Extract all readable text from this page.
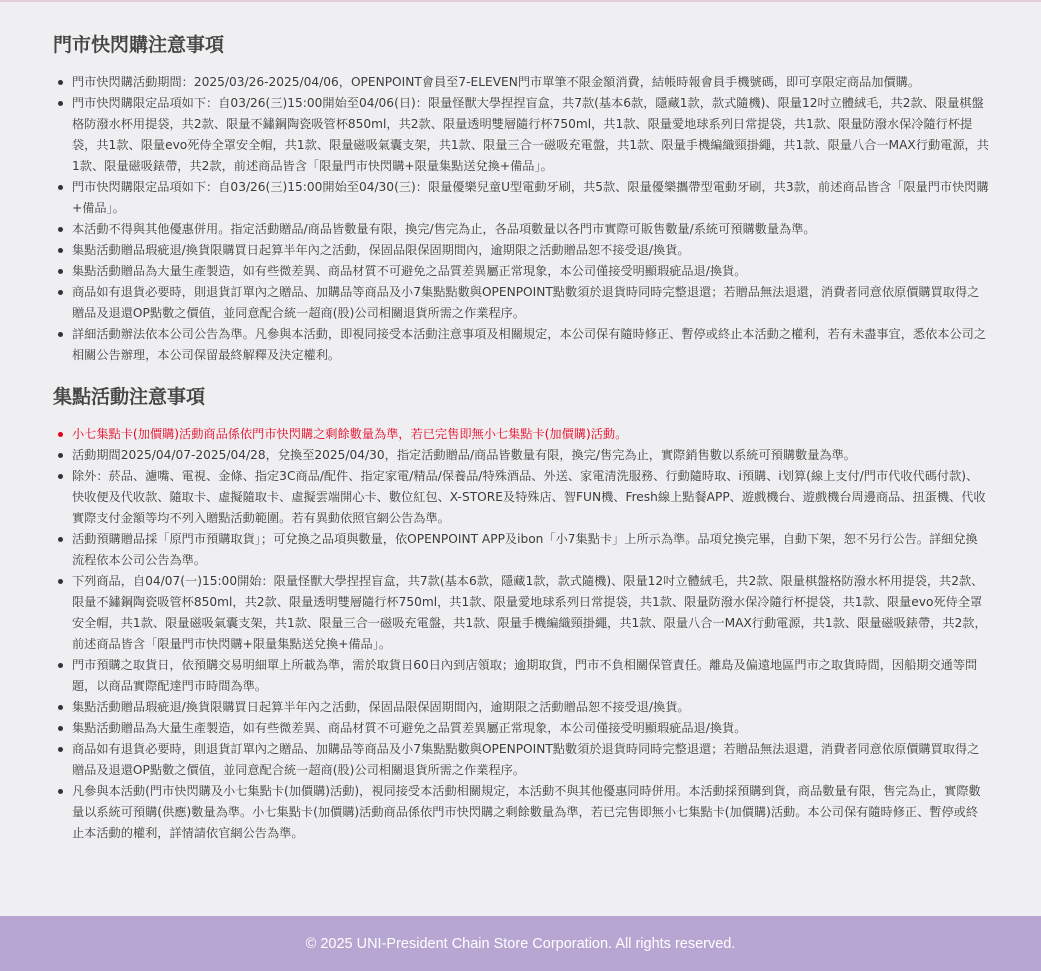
門市快閃購注意事項
門市快閃購活動期間：2025/03/26-2025/04/06，OPENPOINT會員至7-ELEVEN門市單筆不限金額消費，結帳時報會員手機號碼，即可享限定商品加價購。
門市快閃購限定品項如下：自03/26(三)15:00開始至04/06(日)：限量怪獸大學捏捏盲盒，共7款(基本6款，隱藏1款，款式隨機)、限量12吋立體絨毛，共2款、限量棋盤格防潑水杯用提袋，共2款、限量不鏽鋼陶瓷吸管杯850ml，共2款、限量透明雙層隨行杯750ml，共1款、限量愛地球系列日常提袋，共1款、限量防潑水保冷隨行杯提袋，共1款、限量evo死侍全罩安全帽，共1款、限量磁吸氣囊支架，共1款、限量三合一磁吸充電盤，共1款、限量手機編織頸掛繩，共1款、限量八合一MAX行動電源，共1款、限量磁吸錶帶，共2款，前述商品皆含「限量門市快閃購+限量集點送兌換+備品」。
門市快閃購限定品項如下：自03/26(三)15:00開始至04/30(三)：限量優樂兒童U型電動牙刷，共5款、限量優樂攜帶型電動牙刷，共3款，前述商品皆含「限量門市快閃購+備品」。
本活動不得與其他優惠併用。指定活動贈品/商品皆數量有限，換完/售完為止，各品項數量以各門市實際可販售數量/系統可預購數量為準。
集點活動贈品瑕疵退/換貨限購買日起算半年內之活動，保固品限保固期間內，逾期限之活動贈品恕不接受退/換貨。
集點活動贈品為大量生產製造，如有些微差異、商品材質不可避免之品質差異屬正常現象，本公司僅接受明顯瑕疵品退/換貨。
商品如有退貨必要時，則退貨訂單內之贈品、加購品等商品及小7集點點數與OPENPOINT點數須於退貨時同時完整退還；若贈品無法退還，消費者同意依原價購買取得之贈品及退還OP點數之價值，並同意配合統一超商(股)公司相關退貨所需之作業程序。
詳細活動辦法依本公司公告為準。凡參與本活動，即視同接受本活動注意事項及相關規定，本公司保有隨時修正、暫停或終止本活動之權利，若有未盡事宜，悉依本公司之相關公告辦理，本公司保留最終解釋及決定權利。
集點活動注意事項
小七集點卡(加價購)活動商品係依門市快閃購之剩餘數量為準，若已完售即無小七集點卡(加價購)活動。
活動期間2025/04/07-2025/04/28，兌換至2025/04/30，指定活動贈品/商品皆數量有限，換完/售完為止，實際銷售數以系統可預購數量為準。
除外：菸品、濾嘴、電視、金條、指定3C商品/配件、指定家電/精品/保養品/特殊酒品、外送、家電清洗服務、行動隨時取、i預購、i划算(線上支付/門市代收代碼付款)、快收便及代收款、隨取卡、虛擬隨取卡、虛擬雲端開心卡、數位紅包、X-STORE及特殊店、智FUN機、Fresh線上點餐APP、遊戲機台、遊戲機台周邊商品、扭蛋機、代收實際支付金額等均不列入贈點活動範圍。若有異動依照官網公告為準。
活動預購贈品採「原門市預購取貨」；可兌換之品項與數量，依OPENPOINT APP及ibon「小7集點卡」上所示為準。品項兌換完畢，自動下架，恕不另行公告。詳細兌換流程依本公司公告為準。
下列商品，自04/07(一)15:00開始：限量怪獸大學捏捏盲盒，共7款(基本6款，隱藏1款，款式隨機)、限量12吋立體絨毛，共2款、限量棋盤格防潑水杯用提袋，共2款、限量不鏽鋼陶瓷吸管杯850ml，共2款、限量透明雙層隨行杯750ml，共1款、限量愛地球系列日常提袋，共1款、限量防潑水保冷隨行杯提袋，共1款、限量evo死侍全罩安全帽，共1款、限量磁吸氣囊支架，共1款、限量三合一磁吸充電盤，共1款、限量手機編織頸掛繩，共1款、限量八合一MAX行動電源，共1款、限量磁吸錶帶，共2款，前述商品皆含「限量門市快閃購+限量集點送兌換+備品」。
門市預購之取貨日，依預購交易明細單上所載為準，需於取貨日60日內到店領取；逾期取貨，門市不負相關保管責任。離島及偏遠地區門市之取貨時間，因船期交通等問題，以商品實際配達門市時間為準。
集點活動贈品瑕疵退/換貨限購買日起算半年內之活動，保固品限保固期間內，逾期限之活動贈品恕不接受退/換貨。
集點活動贈品為大量生產製造，如有些微差異、商品材質不可避免之品質差異屬正常現象，本公司僅接受明顯瑕疵品退/換貨。
商品如有退貨必要時，則退貨訂單內之贈品、加購品等商品及小7集點點數與OPENPOINT點數須於退貨時同時完整退還；若贈品無法退還，消費者同意依原價購買取得之贈品及退還OP點數之價值，並同意配合統一超商(股)公司相關退貨所需之作業程序。
凡參與本活動(門市快閃購及小七集點卡(加價購)活動)，視同接受本活動相關規定，本活動不與其他優惠同時併用。本活動採預購到貨，商品數量有限，售完為止，實際數量以系統可預購(供應)數量為準。小七集點卡(加價購)活動商品係依門市快閃購之剩餘數量為準，若已完售即無小七集點卡(加價購)活動。本公司保有隨時修正、暫停或終止本活動的權利，詳情請依官網公告為準。
© 2025 UNI-President Chain Store Corporation. All rights reserved.
